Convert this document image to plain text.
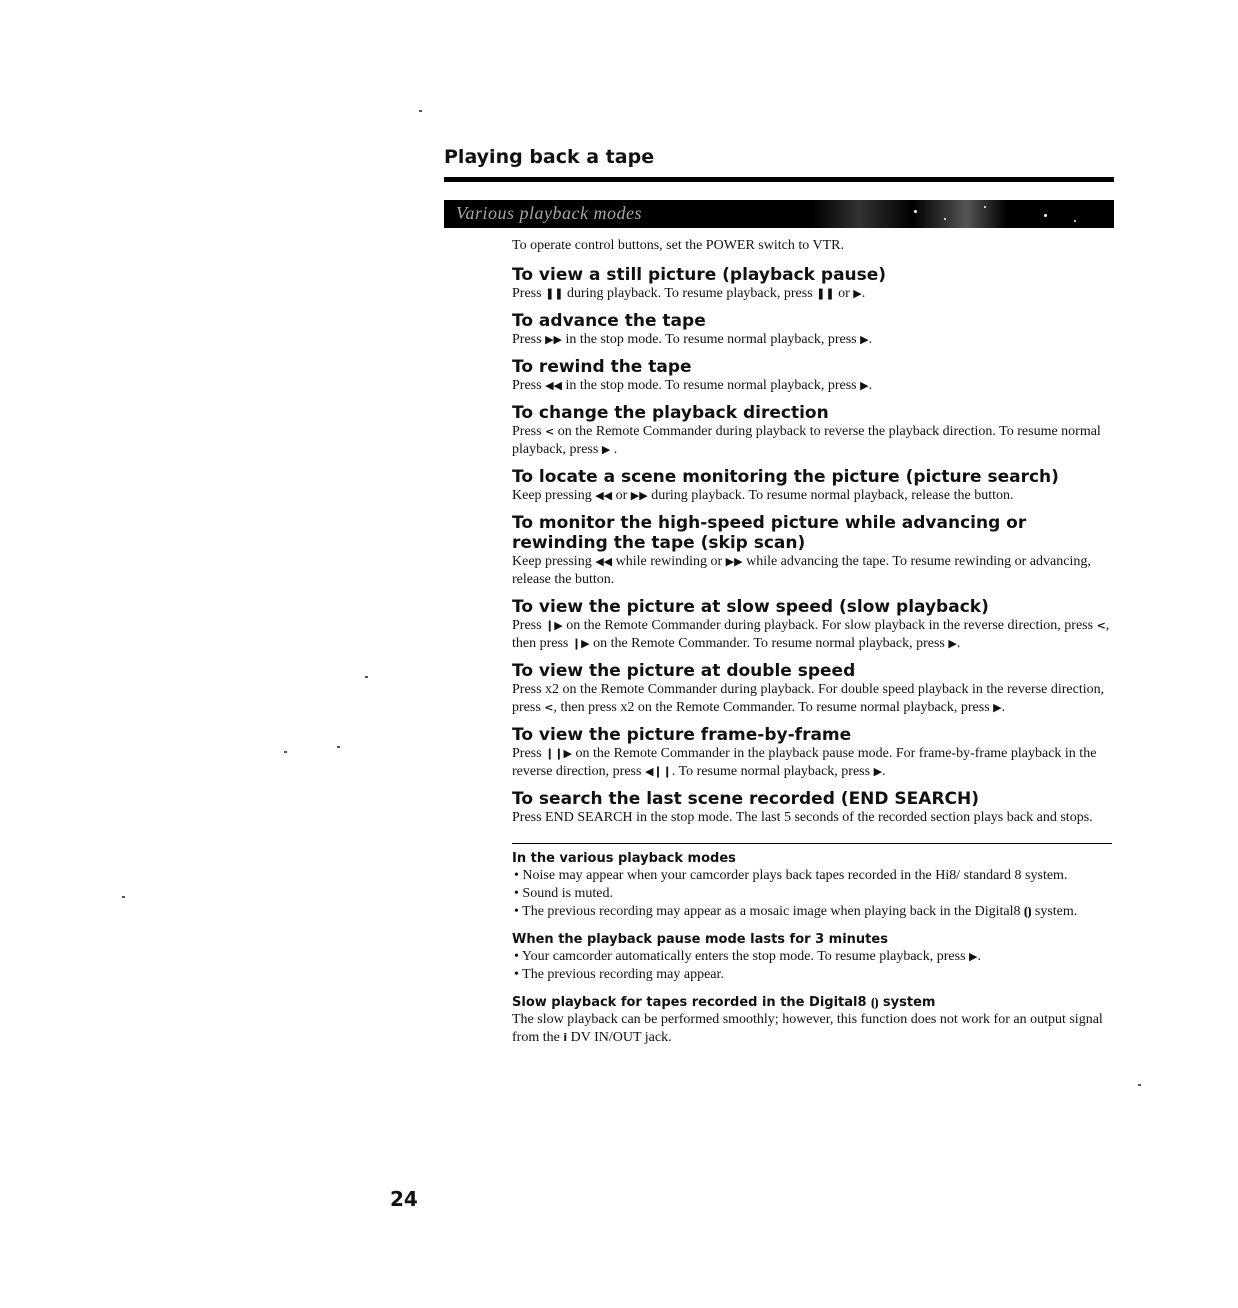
Playing back a tape
Various playback modes

To operate control buttons, set the POWER switch to VTR.

To view a still picture (playback pause)

Press ❚❚ during playback. To resume playback, press ❚❚ or ▶.

To advance the tape

Press ▶▶ in the stop mode. To resume normal playback, press ▶.

To rewind the tape

Press ◀◀ in the stop mode. To resume normal playback, press ▶.

To change the playback direction

Press < on the Remote Commander during playback to reverse the playback direction. To resume normal playback, press ▶ .

To locate a scene monitoring the picture (picture search)

Keep pressing ◀◀ or ▶▶ during playback. To resume normal playback, release the button.

To monitor the high-speed picture while advancing or rewinding the tape (skip scan)

Keep pressing ◀◀ while rewinding or ▶▶ while advancing the tape. To resume rewinding or advancing, release the button.

To view the picture at slow speed (slow playback)

Press ❙▶ on the Remote Commander during playback. For slow playback in the reverse direction, press <, then press ❙▶ on the Remote Commander. To resume normal playback, press ▶.

To view the picture at double speed

Press x2 on the Remote Commander during playback. For double speed playback in the reverse direction, press <, then press x2 on the Remote Commander. To resume normal playback, press ▶.

To view the picture frame-by-frame

Press ❙❙▶ on the Remote Commander in the playback pause mode. For frame-by-frame playback in the reverse direction, press ◀❙❙. To resume normal playback, press ▶.

To search the last scene recorded (END SEARCH)

Press END SEARCH in the stop mode. The last 5 seconds of the recorded section plays back and stops.

In the various playback modes

• Noise may appear when your camcorder plays back tapes recorded in the Hi8/ standard 8 system.

• Sound is muted.

• The previous recording may appear as a mosaic image when playing back in the Digital8 ⦗⦘ system.

When the playback pause mode lasts for 3 minutes

• Your camcorder automatically enters the stop mode. To resume playback, press ▶.

• The previous recording may appear.

Slow playback for tapes recorded in the Digital8 ⦗⦘ system

The slow playback can be performed smoothly; however, this function does not work for an output signal from the i DV IN/OUT jack.

24
